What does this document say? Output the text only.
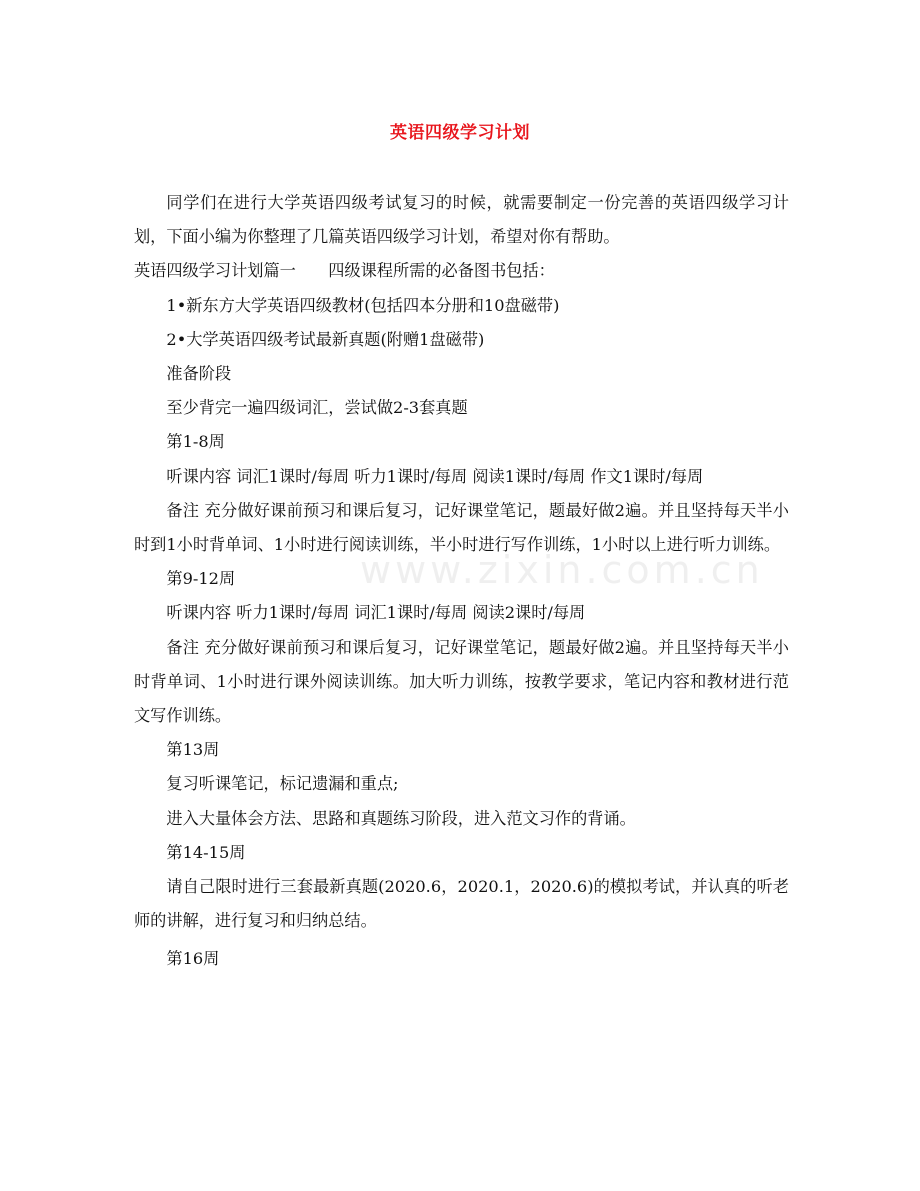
英语四级学习计划
www.zixin.com.cn

同学们在进行大学英语四级考试复习的时候，就需要制定一份完善的英语四级学习计划，下面小编为你整理了几篇英语四级学习计划，希望对你有帮助。

英语四级学习计划篇一　　四级课程所需的必备图书包括：

1•新东方大学英语四级教材(包括四本分册和10盘磁带)

2•大学英语四级考试最新真题(附赠1盘磁带)

准备阶段

至少背完一遍四级词汇，尝试做2-3套真题

第1-8周

听课内容 词汇1课时/每周 听力1课时/每周 阅读1课时/每周 作文1课时/每周

备注 充分做好课前预习和课后复习，记好课堂笔记，题最好做2遍。并且坚持每天半小时到1小时背单词、1小时进行阅读训练，半小时进行写作训练，1小时以上进行听力训练。

第9-12周

听课内容 听力1课时/每周 词汇1课时/每周 阅读2课时/每周

备注 充分做好课前预习和课后复习，记好课堂笔记，题最好做2遍。并且坚持每天半小时背单词、1小时进行课外阅读训练。加大听力训练，按教学要求，笔记内容和教材进行范文写作训练。

第13周

复习听课笔记，标记遗漏和重点;

进入大量体会方法、思路和真题练习阶段，进入范文习作的背诵。

第14-15周

请自己限时进行三套最新真题(2020.6，2020.1，2020.6)的模拟考试，并认真的听老师的讲解，进行复习和归纳总结。

第16周
